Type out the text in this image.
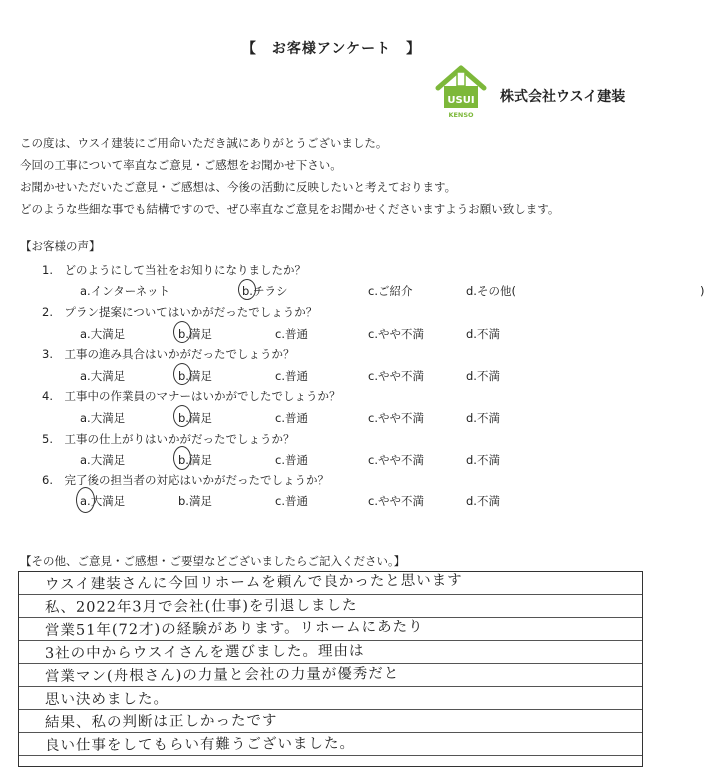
【　お客様アンケート　】
USUI
KENSO
株式会社ウスイ建装
この度は、ウスイ建装にご用命いただき誠にありがとうございました。
今回の工事について率直なご意見・ご感想をお聞かせ下さい。
お聞かせいただいたご意見・ご感想は、今後の活動に反映したいと考えております。
どのような些細な事でも結構ですので、ぜひ率直なご意見をお聞かせくださいますようお願い致します。
【お客様の声】
1.　どのようにして当社をお知りになりましたか？
a.インターネット	b.チラシ	c.ご紹介	d.その他(　　　　　　　　　　　　　　　　)
2.　プラン提案についてはいかがだったでしょうか？
a.大満足	b.満足	c.普通	c.やや不満	d.不満
3.　工事の進み具合はいかがだったでしょうか？
a.大満足	b.満足	c.普通	c.やや不満	d.不満
4.　工事中の作業員のマナーはいかがでしたでしょうか？
a.大満足	b.満足	c.普通	c.やや不満	d.不満
5.　工事の仕上がりはいかがだったでしょうか？
a.大満足	b.満足	c.普通	c.やや不満	d.不満
6.　完了後の担当者の対応はいかがだったでしょうか？
a.大満足	b.満足	c.普通	c.やや不満	d.不満
【その他、ご意見・ご感想・ご要望などございましたらご記入ください。】
ウスイ建装さんに今回リホームを頼んで良かったと思います
私、2022年3月で会社(仕事)を引退しました
営業51年(72才)の経験があります。リホームにあたり
3社の中からウスイさんを選びました。理由は
営業マン(舟根さん)の力量と会社の力量が優秀だと
思い決めました。
結果、私の判断は正しかったです
良い仕事をしてもらい有難うございました。
